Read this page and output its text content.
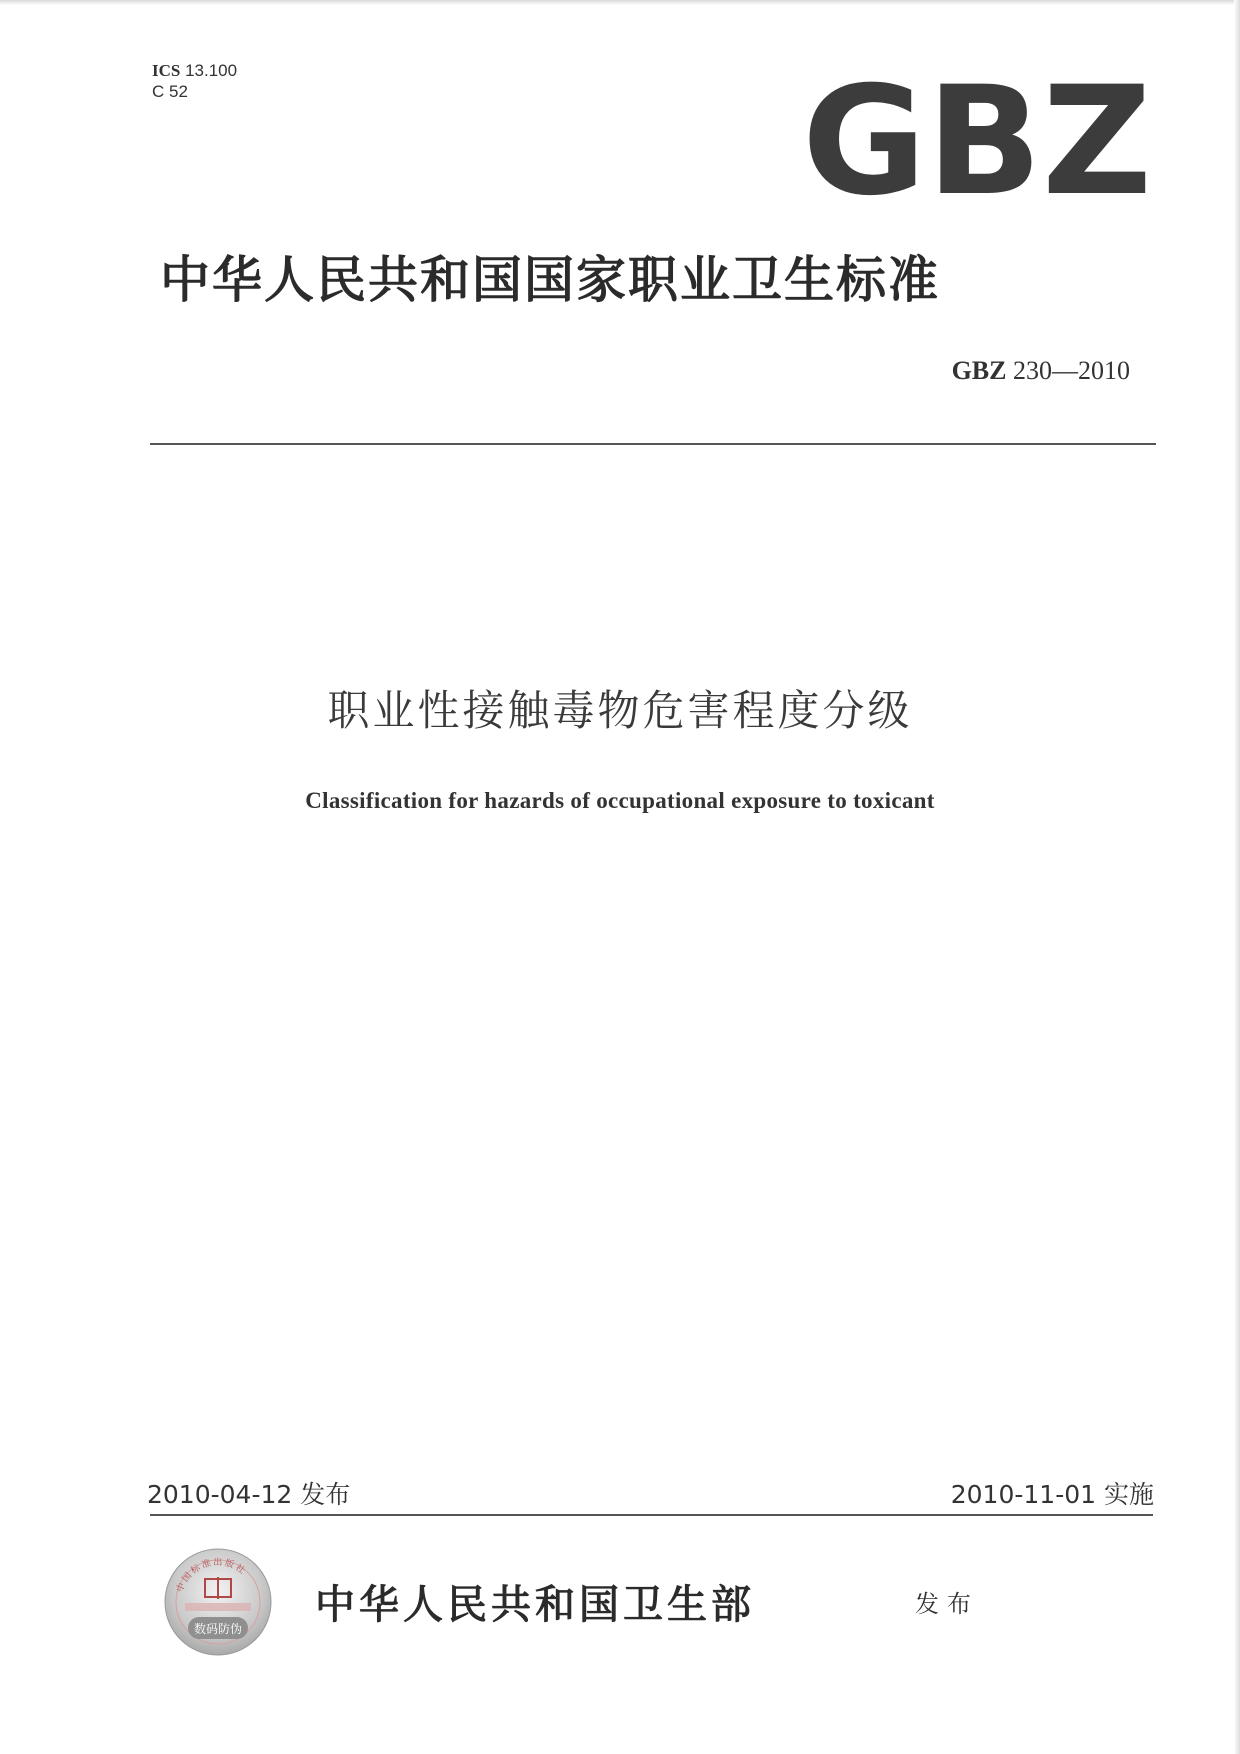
ICS 13.100
C 52	GBZ
中华人民共和国国家职业卫生标准
GBZ 230—2010
职业性接触毒物危害程度分级
Classification for hazards of occupational exposure to toxicant
2010-04-12 发布	2010-11-01 实施
中国标准出版社
数码防伪
中华人民共和国卫生部	发布
